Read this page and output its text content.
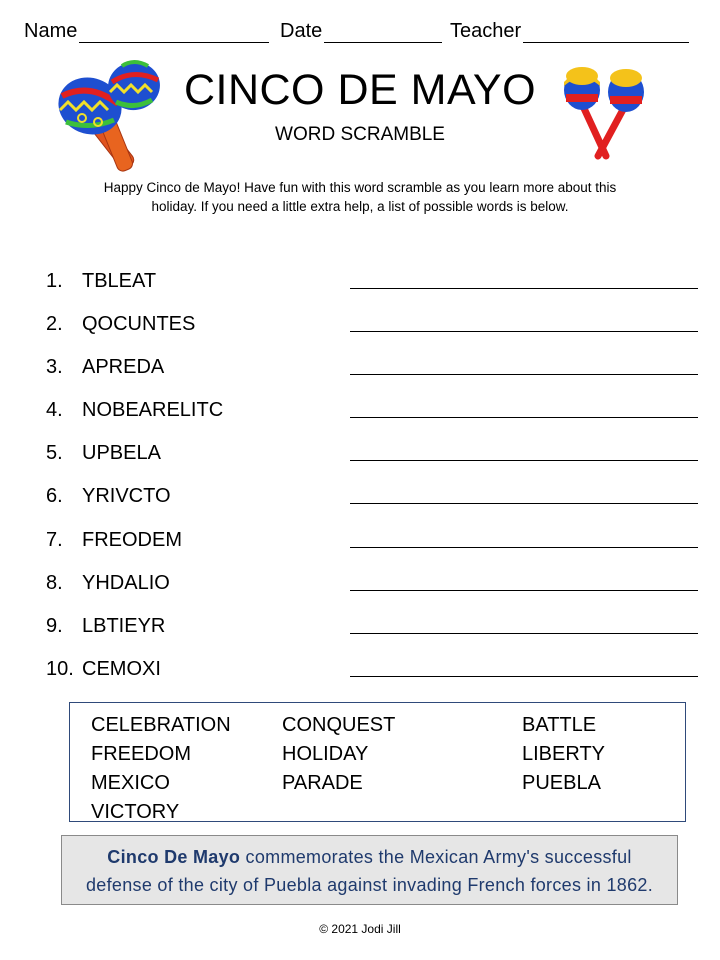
Name	Date	Teacher
CINCO DE MAYO
WORD SCRAMBLE
Happy Cinco de Mayo! Have fun with this word scramble as you learn more about this
holiday. If you need a little extra help, a list of possible words is below.
1. TBLEAT
2. QOCUNTES
3. APREDA
4. NOBEARELITC
5. UPBELA
6. YRIVCTO
7. FREODEM
8. YHDALIO
9. LBTIEYR
10. CEMOXI
CELEBRATION
FREEDOM
MEXICO
VICTORY
CONQUEST
HOLIDAY
PARADE
BATTLE
LIBERTY
PUEBLA
Cinco De Mayo commemorates the Mexican Army's successful
defense of the city of Puebla against invading French forces in 1862.
© 2021 Jodi Jill
